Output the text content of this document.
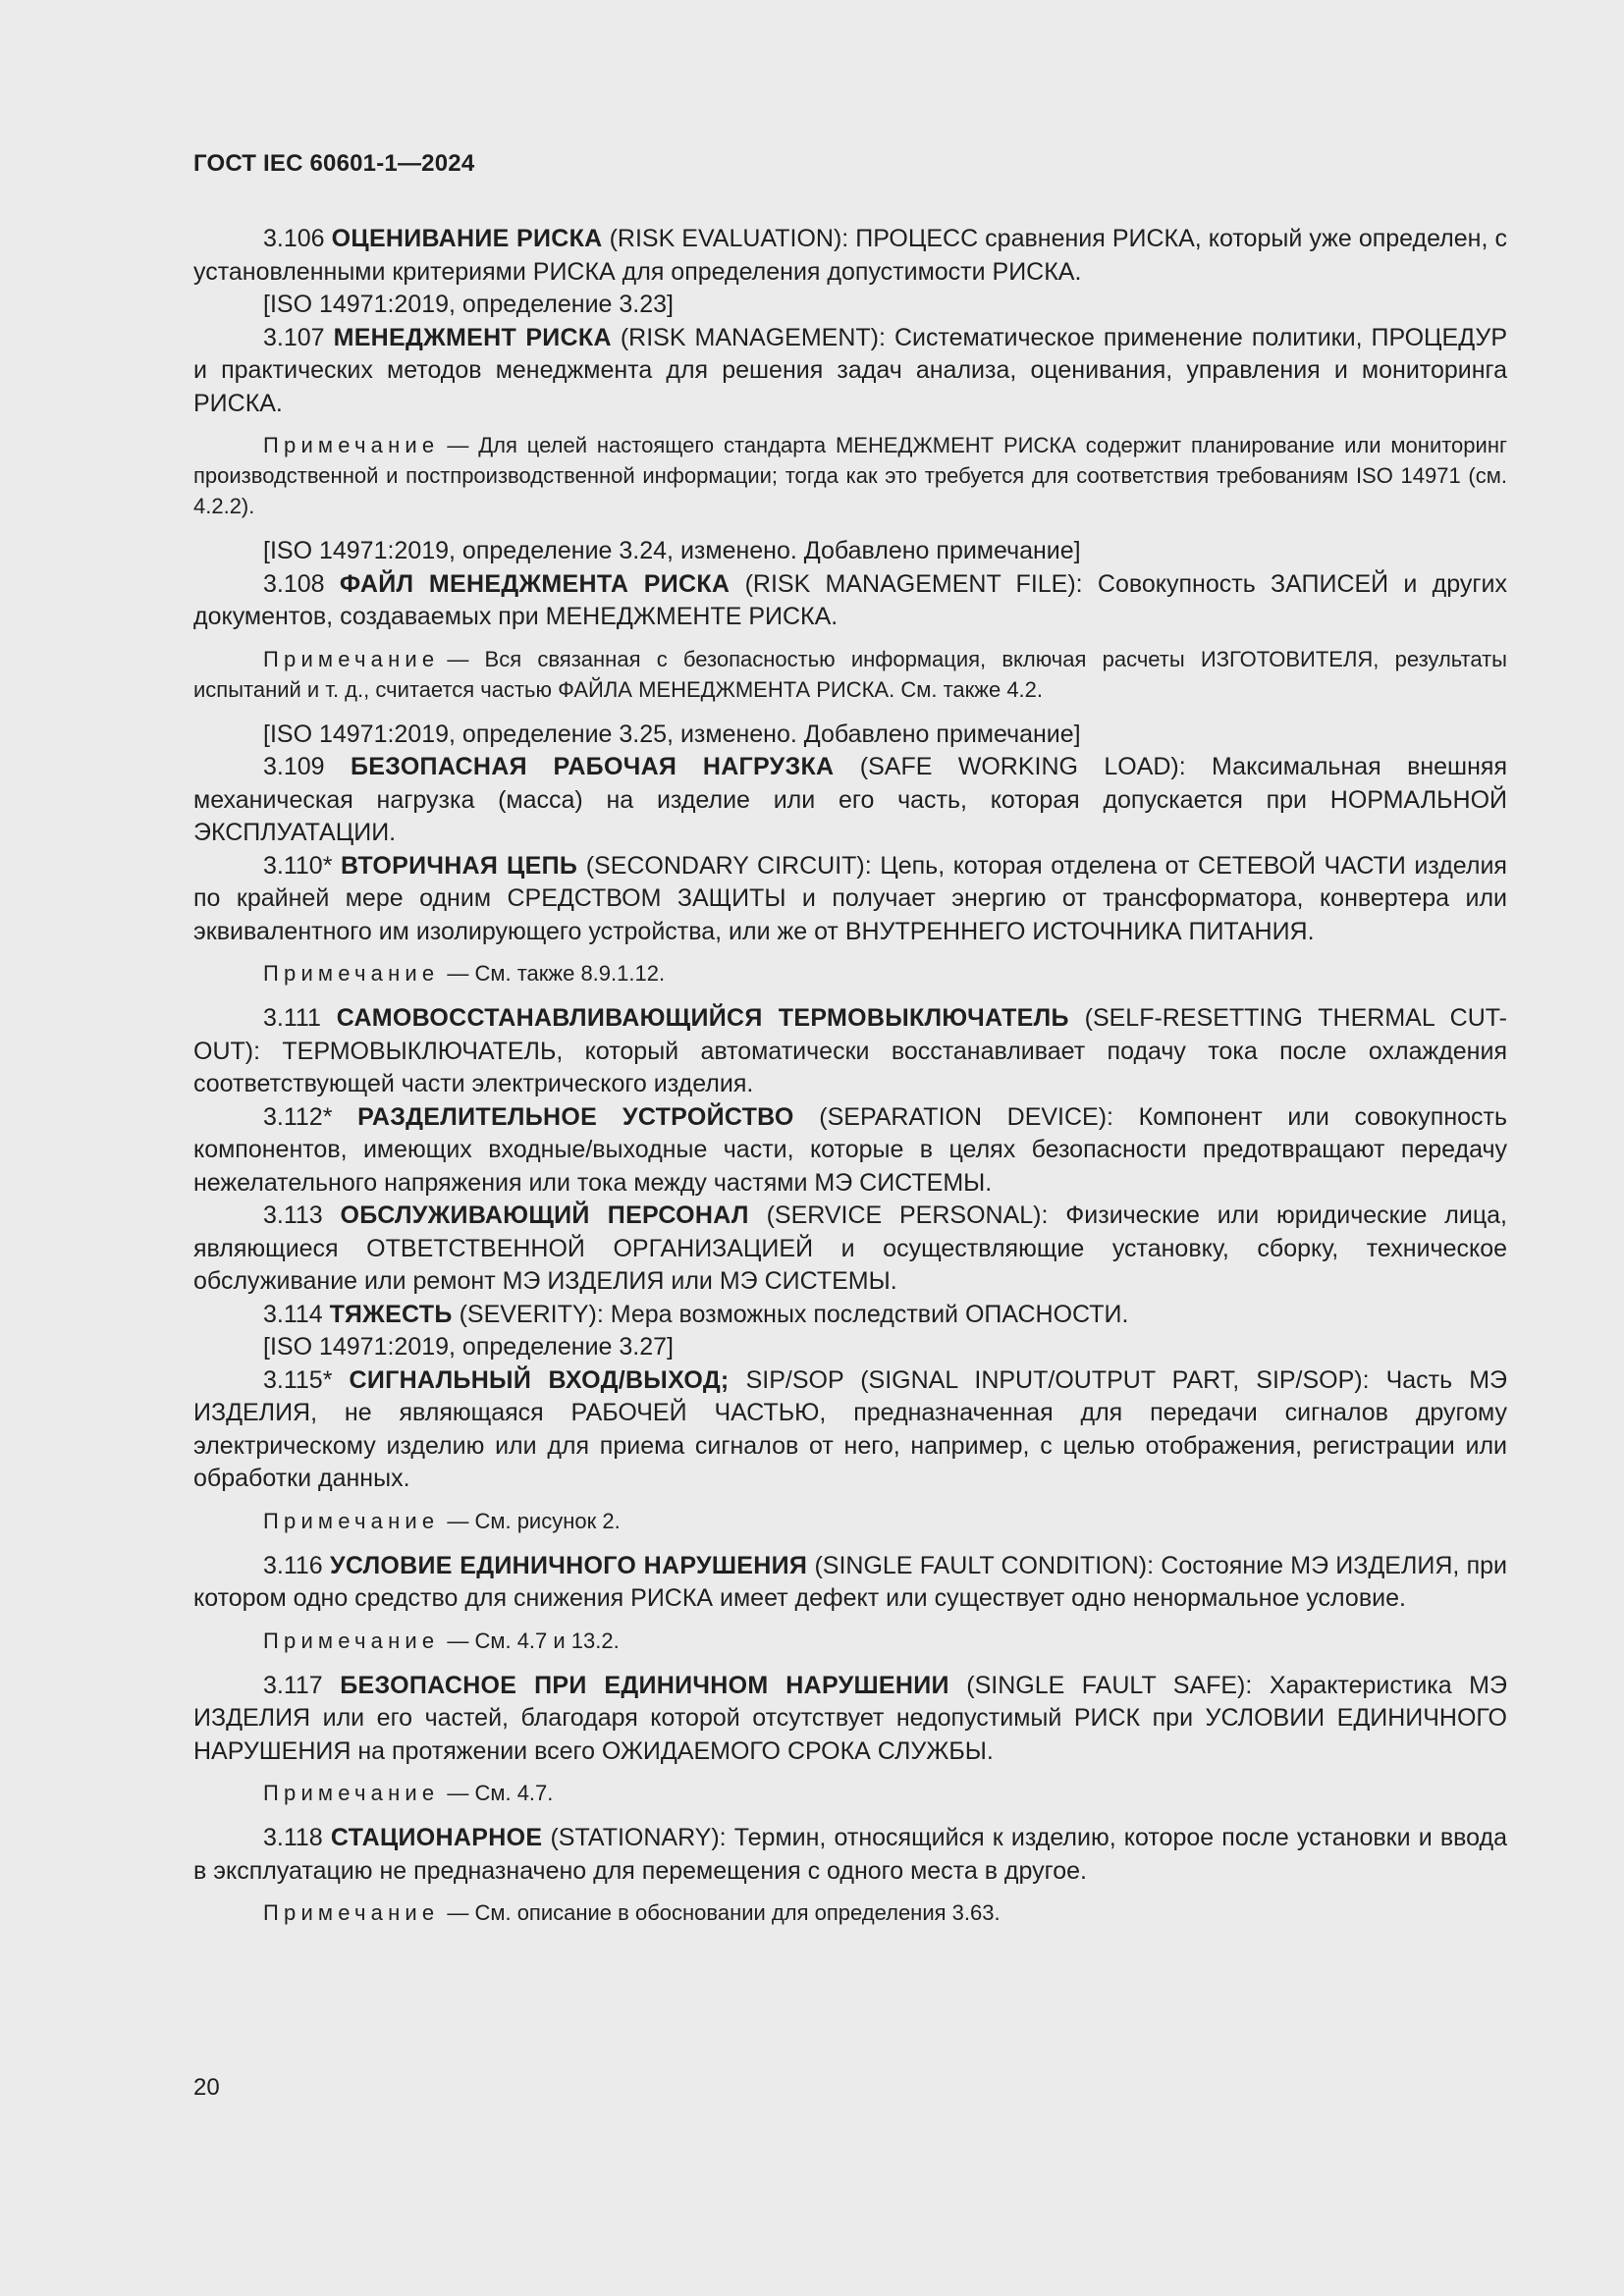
ГОСТ IEC 60601-1—2024

3.106 ОЦЕНИВАНИЕ РИСКА (RISK EVALUATION): ПРОЦЕСС сравнения РИСКА, который уже определен, с установленными критериями РИСКА для определения допустимости РИСКА.

[ISO 14971:2019, определение 3.23]

3.107 МЕНЕДЖМЕНТ РИСКА (RISK MANAGEMENT): Систематическое применение политики, ПРОЦЕДУР и практических методов менеджмента для решения задач анализа, оценивания, управления и мониторинга РИСКА.

Примечание — Для целей настоящего стандарта МЕНЕДЖМЕНТ РИСКА содержит планирование или мониторинг производственной и постпроизводственной информации; тогда как это требуется для соответствия требованиям ISO 14971 (см. 4.2.2).

[ISO 14971:2019, определение 3.24, изменено. Добавлено примечание]

3.108 ФАЙЛ МЕНЕДЖМЕНТА РИСКА (RISK MANAGEMENT FILE): Совокупность ЗАПИСЕЙ и других документов, создаваемых при МЕНЕДЖМЕНТЕ РИСКА.

Примечание — Вся связанная с безопасностью информация, включая расчеты ИЗГОТОВИТЕЛЯ, результаты испытаний и т. д., считается частью ФАЙЛА МЕНЕДЖМЕНТА РИСКА. См. также 4.2.

[ISO 14971:2019, определение 3.25, изменено. Добавлено примечание]

3.109 БЕЗОПАСНАЯ РАБОЧАЯ НАГРУЗКА (SAFE WORKING LOAD): Максимальная внешняя механическая нагрузка (масса) на изделие или его часть, которая допускается при НОРМАЛЬНОЙ ЭКСПЛУАТАЦИИ.

3.110* ВТОРИЧНАЯ ЦЕПЬ (SECONDARY CIRCUIT): Цепь, которая отделена от СЕТЕВОЙ ЧАСТИ изделия по крайней мере одним СРЕДСТВОМ ЗАЩИТЫ и получает энергию от трансформатора, конвертера или эквивалентного им изолирующего устройства, или же от ВНУТРЕННЕГО ИСТОЧНИКА ПИТАНИЯ.

Примечание — См. также 8.9.1.12.

3.111 САМОВОССТАНАВЛИВАЮЩИЙСЯ ТЕРМОВЫКЛЮЧАТЕЛЬ (SELF-RESETTING THERMAL CUT-OUT): ТЕРМОВЫКЛЮЧАТЕЛЬ, который автоматически восстанавливает подачу тока после охлаждения соответствующей части электрического изделия.

3.112* РАЗДЕЛИТЕЛЬНОЕ УСТРОЙСТВО (SEPARATION DEVICE): Компонент или совокупность компонентов, имеющих входные/выходные части, которые в целях безопасности предотвращают передачу нежелательного напряжения или тока между частями МЭ СИСТЕМЫ.

3.113 ОБСЛУЖИВАЮЩИЙ ПЕРСОНАЛ (SERVICE PERSONAL): Физические или юридические лица, являющиеся ОТВЕТСТВЕННОЙ ОРГАНИЗАЦИЕЙ и осуществляющие установку, сборку, техническое обслуживание или ремонт МЭ ИЗДЕЛИЯ или МЭ СИСТЕМЫ.

3.114 ТЯЖЕСТЬ (SEVERITY): Мера возможных последствий ОПАСНОСТИ.

[ISO 14971:2019, определение 3.27]

3.115* СИГНАЛЬНЫЙ ВХОД/ВЫХОД; SIP/SOP (SIGNAL INPUT/OUTPUT PART, SIP/SOP): Часть МЭ ИЗДЕЛИЯ, не являющаяся РАБОЧЕЙ ЧАСТЬЮ, предназначенная для передачи сигналов другому электрическому изделию или для приема сигналов от него, например, с целью отображения, регистрации или обработки данных.

Примечание — См. рисунок 2.

3.116 УСЛОВИЕ ЕДИНИЧНОГО НАРУШЕНИЯ (SINGLE FAULT CONDITION): Состояние МЭ ИЗДЕЛИЯ, при котором одно средство для снижения РИСКА имеет дефект или существует одно ненормальное условие.

Примечание — См. 4.7 и 13.2.

3.117 БЕЗОПАСНОЕ ПРИ ЕДИНИЧНОМ НАРУШЕНИИ (SINGLE FAULT SAFE): Характеристика МЭ ИЗДЕЛИЯ или его частей, благодаря которой отсутствует недопустимый РИСК при УСЛОВИИ ЕДИНИЧНОГО НАРУШЕНИЯ на протяжении всего ОЖИДАЕМОГО СРОКА СЛУЖБЫ.

Примечание — См. 4.7.

3.118 СТАЦИОНАРНОЕ (STATIONARY): Термин, относящийся к изделию, которое после установки и ввода в эксплуатацию не предназначено для перемещения с одного места в другое.

Примечание — См. описание в обосновании для определения 3.63.

20
